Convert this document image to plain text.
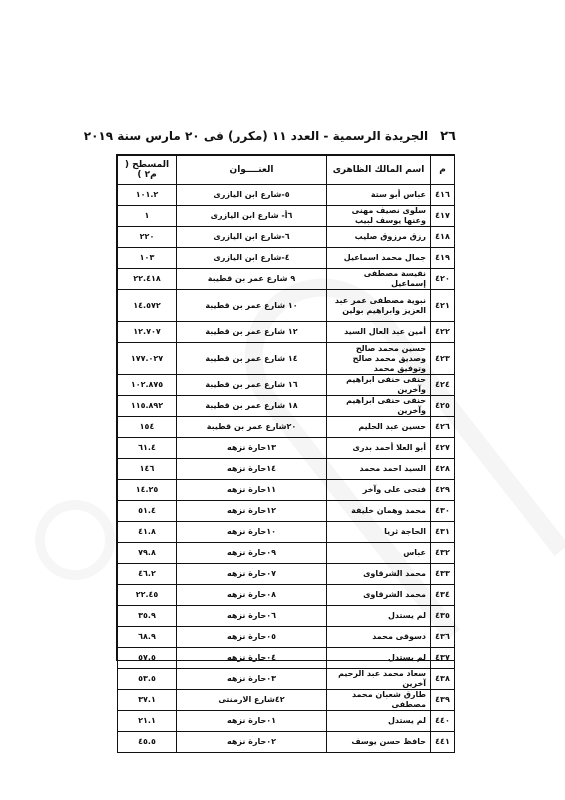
٢٦
الجريدة الرسمية - العدد ١١ (مكرر) فى ٢٠ مارس سنة ٢٠١٩
م	اسم المالك الظاهرى	العنــــوان	المسطح ( م٢ )
٤١٦	عباس أبو ستة	٥-شارع ابن اليازرى	١٠١.٢
٤١٧	سلوى نصيف مهنى وعنها يوسف لبيب	٦أ- شارع ابن اليازرى	١
٤١٨	رزق مرزوق صليب	٦-شارع ابن اليازرى	٢٢٠
٤١٩	جمال محمد اسماعيل	٤-شارع ابن اليازرى	١٠٣
٤٢٠	نفيسة مصطفى إسماعيل	٩ شارع عمر بن قطيبة	٢٢.٤١٨
٤٢١	نبوية مصطفى عمر عبد العزيز وابراهيم بولين	١٠ شارع عمر بن قطيبة	١٤.٥٧٢
٤٢٢	أمين عبد العال السيد	١٢ شارع عمر بن قطيبة	١٢.٧٠٧
٤٢٣	حسين محمد صالح وصديق محمد صالح وتوفيق محمد	١٤ شارع عمر بن قطيبة	١٧٧.٠٢٧
٤٢٤	حنفى حنفى ابراهيم وآخرين	١٦ شارع عمر بن قطيبة	١٠٢.٨٧٥
٤٢٥	حنفى حنفى ابراهيم وآخرين	١٨ شارع عمر بن قطيبة	١١٥.٨٩٢
٤٢٦	حسين عبد الحليم	٢٠شارع عمر بن قطيبة	١٥٤
٤٢٧	أبو العلا أحمد بدرى	١٣حارة نزهه	٦١.٤
٤٢٨	السيد احمد محمد	١٤حارة نزهه	١٤٦
٤٢٩	فتحى على وآخر	١١حارة نزهه	١٤.٢٥
٤٣٠	محمد وهمان خليفة	١٢حارة نزهه	٥١.٤
٤٣١	الحاجة ثريا	١٠حارة نزهه	٤١.٨
٤٣٢	عباس	٠٩حارة نزهه	٧٩.٨
٤٣٣	محمد الشرقاوى	٠٧حارة نزهه	٤٦.٢
٤٣٤	محمد الشرقاوى	٠٨حارة نزهه	٢٢.٤٥
٤٣٥	لم يستدل	٠٦حارة نزهه	٣٥.٩
٤٣٦	دسوقى محمد	٠٥حارة نزهه	٦٨.٩
٤٣٧	لم يستدل	٠٤حارة نزهه	٥٧.٥
٤٣٨	سعاد محمد عبد الرحيم آخرين	٠٣حارة نزهه	٥٣.٥
٤٣٩	طارق شعبان محمد مصطفى	٤٢شارع الارمنتى	٣٧.١
٤٤٠	لم يستدل	٠١حارة نزهه	٢١.١
٤٤١	حافظ حسن يوسف	٠٢حارة نزهه	٤٥.٥
